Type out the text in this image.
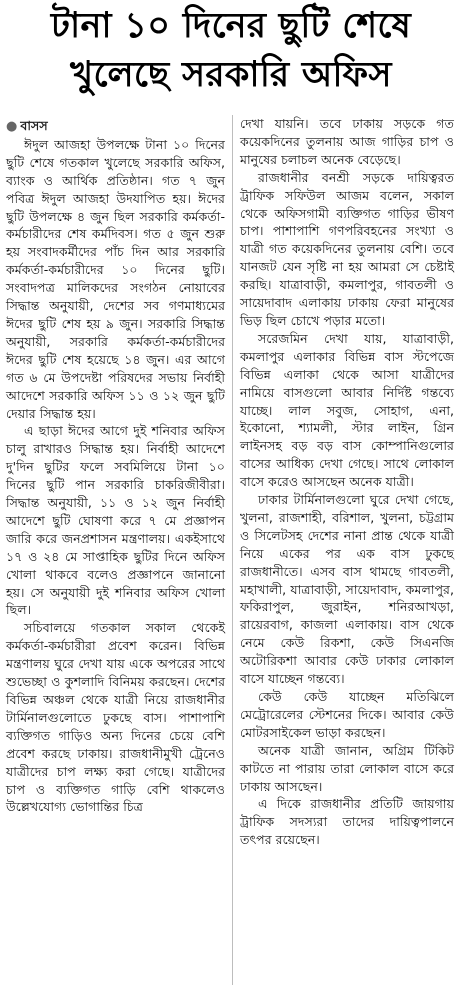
টানা ১০ দিনের ছুটি শেষে
খুলেছে সরকারি অফিস
● বাসস

ঈদুল আজহা উপলক্ষে টানা ১০ দিনের ছুটি শেষে গতকাল খুলেছে সরকারি অফিস, ব্যাংক ও আর্থিক প্রতিষ্ঠান। গত ৭ জুন পবিত্র ঈদুল আজহা উদযাপিত হয়। ঈদের ছুটি উপলক্ষে ৪ জুন ছিল সরকারি কর্মকর্তা-কর্মচারীদের শেষ কর্মদিবস। গত ৫ জুন শুরু হয় সংবাদকর্মীদের পাঁচ দিন আর সরকারি কর্মকর্তা-কর্মচারীদের ১০ দিনের ছুটি। সংবাদপত্র মালিকদের সংগঠন নোয়াবের সিদ্ধান্ত অনুযায়ী, দেশের সব গণমাধ্যমের ঈদের ছুটি শেষ হয় ৯ জুন। সরকারি সিদ্ধান্ত অনুযায়ী, সরকারি কর্মকর্তা-কর্মচারীদের ঈদের ছুটি শেষ হয়েছে ১৪ জুন। এর আগে গত ৬ মে উপদেষ্টা পরিষদের সভায় নির্বাহী আদেশে সরকারি অফিস ১১ ও ১২ জুন ছুটি দেয়ার সিদ্ধান্ত হয়।

এ ছাড়া ঈদের আগে দুই শনিবার অফিস চালু রাখারও সিদ্ধান্ত হয়। নির্বাহী আদেশে দু'দিন ছুটির ফলে সবমিলিয়ে টানা ১০ দিনের ছুটি পান সরকারি চাকরিজীবীরা। সিদ্ধান্ত অনুযায়ী, ১১ ও ১২ জুন নির্বাহী আদেশে ছুটি ঘোষণা করে ৭ মে প্রজ্ঞাপন জারি করে জনপ্রশাসন মন্ত্রণালয়। একইসাথে ১৭ ও ২৪ মে সাপ্তাহিক ছুটির দিনে অফিস খোলা থাকবে বলেও প্রজ্ঞাপনে জানানো হয়। সে অনুযায়ী দুই শনিবার অফিস খোলা ছিল।

সচিবালয়ে গতকাল সকাল থেকেই কর্মকর্তা-কর্মচারীরা প্রবেশ করেন। বিভিন্ন মন্ত্রণালয় ঘুরে দেখা যায় একে অপরের সাথে শুভেচ্ছা ও কুশলাদি বিনিময় করছেন। দেশের বিভিন্ন অঞ্চল থেকে যাত্রী নিয়ে রাজধানীর টার্মিনালগুলোতে ঢুকছে বাস। পাশাপাশি ব্যক্তিগত গাড়িও অন্য দিনের চেয়ে বেশি প্রবেশ করছে ঢাকায়। রাজধানীমুখী ট্রেনেও যাত্রীদের চাপ লক্ষ্য করা গেছে। যাত্রীদের চাপ ও ব্যক্তিগত গাড়ি বেশি থাকলেও উল্লেখযোগ্য ভোগান্তির চিত্র

দেখা যায়নি। তবে ঢাকায় সড়কে গত কয়েকদিনের তুলনায় আজ গাড়ির চাপ ও মানুষের চলাচল অনেক বেড়েছে।

রাজধানীর বনশ্রী সড়কে দায়িত্বরত ট্রাফিক সফিউল আজম বলেন, সকাল থেকে অফিসগামী ব্যক্তিগত গাড়ির ভীষণ চাপ। পাশাপাশি গণপরিবহনের সংখ্যা ও যাত্রী গত কয়েকদিনের তুলনায় বেশি। তবে যানজট যেন সৃষ্টি না হয় আমরা সে চেষ্টাই করছি। যাত্রাবাড়ী, কমলাপুর, গাবতলী ও সায়েদাবাদ এলাকায় ঢাকায় ফেরা মানুষের ভিড় ছিল চোখে পড়ার মতো।

সরেজমিন দেখা যায়, যাত্রাবাড়ী, কমলাপুর এলাকার বিভিন্ন বাস স্টপেজে বিভিন্ন এলাকা থেকে আসা যাত্রীদের নামিয়ে বাসগুলো আবার নির্দিষ্ট গন্তব্যে যাচ্ছে। লাল সবুজ, সোহাগ, এনা, ইকোনো, শ্যামলী, স্টার লাইন, গ্রিন লাইনসহ বড় বড় বাস কোম্পানিগুলোর বাসের আধিক্য দেখা গেছে। সাথে লোকাল বাসে করেও আসছেন অনেক যাত্রী।

ঢাকার টার্মিনালগুলো ঘুরে দেখা গেছে, খুলনা, রাজশাহী, বরিশাল, খুলনা, চট্টগ্রাম ও সিলেটসহ দেশের নানা প্রান্ত থেকে যাত্রী নিয়ে একের পর এক বাস ঢুকছে রাজধানীতে। এসব বাস থামছে গাবতলী, মহাখালী, যাত্রাবাড়ী, সায়েদাবাদ, কমলাপুর, ফকিরাপুল, জুরাইন, শনিরআখড়া, রায়েরবাগ, কাজলা এলাকায়। বাস থেকে নেমে কেউ রিকশা, কেউ সিএনজি অটোরিকশা আবার কেউ ঢাকার লোকাল বাসে যাচ্ছেন গন্তব্যে।

কেউ কেউ যাচ্ছেন মতিঝিলে মেট্রোরেলের স্টেশনের দিকে। আবার কেউ মোটরসাইকেল ভাড়া করছেন।

অনেক যাত্রী জানান, অগ্রিম টিকিট কাটতে না পারায় তারা লোকাল বাসে করে ঢাকায় আসছেন।

এ দিকে রাজধানীর প্রতিটি জায়গায় ট্রাফিক সদস্যরা তাদের দায়িত্বপালনে তৎপর রয়েছেন।
